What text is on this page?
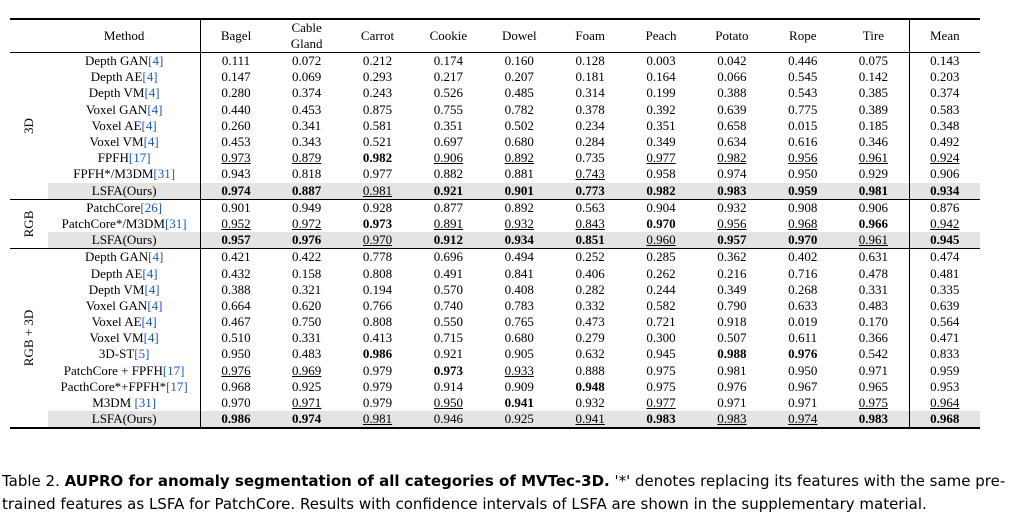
	Method	Bagel	Cable
Gland	Carrot	Cookie	Dowel	Foam	Peach	Potato	Rope	Tire	Mean

3D	Depth GAN[4]	0.111	0.072	0.212	0.174	0.160	0.128	0.003	0.042	0.446	0.075	0.143
	Depth AE[4]	0.147	0.069	0.293	0.217	0.207	0.181	0.164	0.066	0.545	0.142	0.203
	Depth VM[4]	0.280	0.374	0.243	0.526	0.485	0.314	0.199	0.388	0.543	0.385	0.374
	Voxel GAN[4]	0.440	0.453	0.875	0.755	0.782	0.378	0.392	0.639	0.775	0.389	0.583
	Voxel AE[4]	0.260	0.341	0.581	0.351	0.502	0.234	0.351	0.658	0.015	0.185	0.348
	Voxel VM[4]	0.453	0.343	0.521	0.697	0.680	0.284	0.349	0.634	0.616	0.346	0.492
	FPFH[17]	0.973	0.879	0.982	0.906	0.892	0.735	0.977	0.982	0.956	0.961	0.924
	FPFH*/M3DM[31]	0.943	0.818	0.977	0.882	0.881	0.743	0.958	0.974	0.950	0.929	0.906
	LSFA(Ours)	0.974	0.887	0.981	0.921	0.901	0.773	0.982	0.983	0.959	0.981	0.934

RGB	PatchCore[26]	0.901	0.949	0.928	0.877	0.892	0.563	0.904	0.932	0.908	0.906	0.876
	PatchCore*/M3DM[31]	0.952	0.972	0.973	0.891	0.932	0.843	0.970	0.956	0.968	0.966	0.942
	LSFA(Ours)	0.957	0.976	0.970	0.912	0.934	0.851	0.960	0.957	0.970	0.961	0.945

RGB + 3D	Depth GAN[4]	0.421	0.422	0.778	0.696	0.494	0.252	0.285	0.362	0.402	0.631	0.474
	Depth AE[4]	0.432	0.158	0.808	0.491	0.841	0.406	0.262	0.216	0.716	0.478	0.481
	Depth VM[4]	0.388	0.321	0.194	0.570	0.408	0.282	0.244	0.349	0.268	0.331	0.335
	Voxel GAN[4]	0.664	0.620	0.766	0.740	0.783	0.332	0.582	0.790	0.633	0.483	0.639
	Voxel AE[4]	0.467	0.750	0.808	0.550	0.765	0.473	0.721	0.918	0.019	0.170	0.564
	Voxel VM[4]	0.510	0.331	0.413	0.715	0.680	0.279	0.300	0.507	0.611	0.366	0.471
	3D-ST[5]	0.950	0.483	0.986	0.921	0.905	0.632	0.945	0.988	0.976	0.542	0.833
	PatchCore + FPFH[17]	0.976	0.969	0.979	0.973	0.933	0.888	0.975	0.981	0.950	0.971	0.959
	PacthCore*+FPFH*[17]	0.968	0.925	0.979	0.914	0.909	0.948	0.975	0.976	0.967	0.965	0.953
	M3DM [31]	0.970	0.971	0.979	0.950	0.941	0.932	0.977	0.971	0.971	0.975	0.964
	LSFA(Ours)	0.986	0.974	0.981	0.946	0.925	0.941	0.983	0.983	0.974	0.983	0.968
Table 2. AUPRO for anomaly segmentation of all categories of MVTec-3D. '*' denotes replacing its features with the same pre-trained features as LSFA for PatchCore. Results with confidence intervals of LSFA are shown in the supplementary material.
